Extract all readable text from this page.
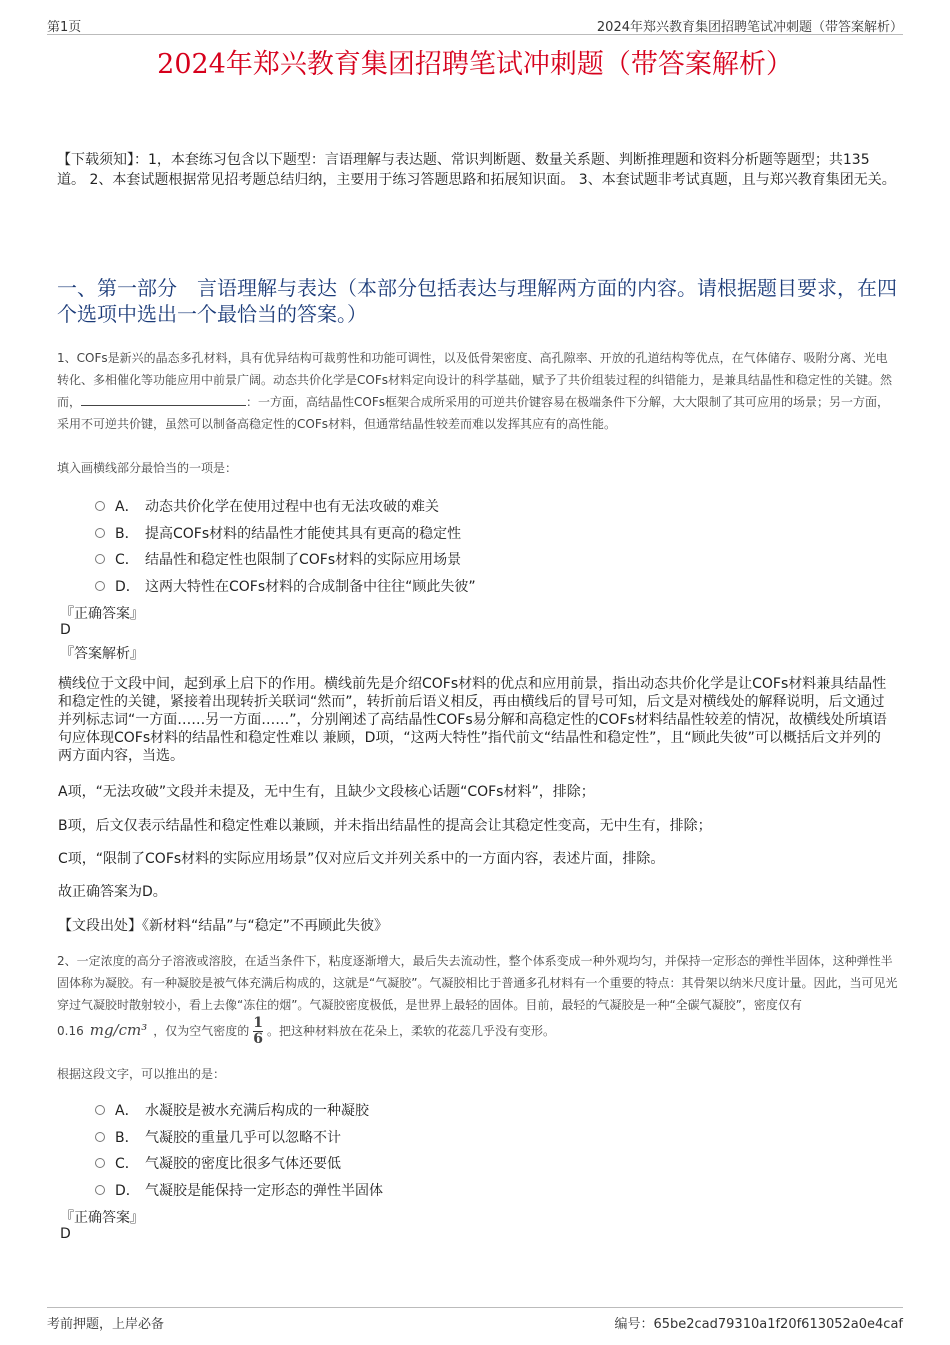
第1页	2024年郑兴教育集团招聘笔试冲刺题（带答案解析）
2024年郑兴教育集团招聘笔试冲刺题（带答案解析）
【下载须知】：1，本套练习包含以下题型：言语理解与表达题、常识判断题、数量关系题、判断推理题和资料分析题等题型；共135道。 2、本套试题根据常见招考题总结归纳，主要用于练习答题思路和拓展知识面。 3、本套试题非考试真题，且与郑兴教育集团无关。
一、第一部分　言语理解与表达（本部分包括表达与理解两方面的内容。请根据题目要求，在四个选项中选出一个最恰当的答案。）
1、COFs是新兴的晶态多孔材料，具有优异结构可裁剪性和功能可调性，以及低骨架密度、高孔隙率、开放的孔道结构等优点，在气体储存、吸附分离、光电转化、多相催化等功能应用中前景广阔。动态共价化学是COFs材料定向设计的科学基础，赋予了共价组装过程的纠错能力，是兼具结晶性和稳定性的关键。然而，	：一方面，高结晶性COFs框架合成所采用的可逆共价键容易在极端条件下分解，大大限制了其可应用的场景；另一方面，采用不可逆共价键，虽然可以制备高稳定性的COFs材料，但通常结晶性较差而难以发挥其应有的高性能。
填入画横线部分最恰当的一项是：
A． 动态共价化学在使用过程中也有无法攻破的难关
B． 提高COFs材料的结晶性才能使其具有更高的稳定性
C． 结晶性和稳定性也限制了COFs材料的实际应用场景
D． 这两大特性在COFs材料的合成制备中往往“顾此失彼”
『正确答案』
D
『答案解析』
横线位于文段中间，起到承上启下的作用。横线前先是介绍COFs材料的优点和应用前景，指出动态共价化学是让COFs材料兼具结晶性和稳定性的关键，紧接着出现转折关联词“然而”，转折前后语义相反，再由横线后的冒号可知，后文是对横线处的解释说明，后文通过并列标志词“一方面……另一方面……”，分别阐述了高结晶性COFs易分解和高稳定性的COFs材料结晶性较差的情况，故横线处所填语句应体现COFs材料的结晶性和稳定性难以 兼顾，D项，“这两大特性”指代前文“结晶性和稳定性”，且“顾此失彼”可以概括后文并列的两方面内容，当选。
A项，“无法攻破”文段并未提及，无中生有，且缺少文段核心话题“COFs材料”，排除；
B项，后文仅表示结晶性和稳定性难以兼顾，并未指出结晶性的提高会让其稳定性变高，无中生有，排除；
C项，“限制了COFs材料的实际应用场景”仅对应后文并列关系中的一方面内容，表述片面，排除。
故正确答案为D。
【文段出处】《新材料“结晶”与“稳定”不再顾此失彼》
2、一定浓度的高分子溶液或溶胶，在适当条件下，粘度逐渐增大，最后失去流动性，整个体系变成一种外观均匀，并保持一定形态的弹性半固体，这种弹性半固体称为凝胶。有一种凝胶是被气体充满后构成的，这就是“气凝胶”。气凝胶相比于普通多孔材料有一个重要的特点：其骨架以纳米尺度计量。因此，当可见光穿过气凝胶时散射较小，看上去像“冻住的烟”。气凝胶密度极低，是世界上最轻的固体。目前，最轻的气凝胶是一种“全碳气凝胶”，密度仅有0.16 mg/cm³ ，仅为空气密度的 $\frac{1}{6}$ 。把这种材料放在花朵上，柔软的花蕊几乎没有变形。
根据这段文字，可以推出的是：
A． 水凝胶是被水充满后构成的一种凝胶
B． 气凝胶的重量几乎可以忽略不计
C． 气凝胶的密度比很多气体还要低
D． 气凝胶是能保持一定形态的弹性半固体
『正确答案』
D
考前押题，上岸必备	编号：65be2cad79310a1f20f613052a0e4caf
